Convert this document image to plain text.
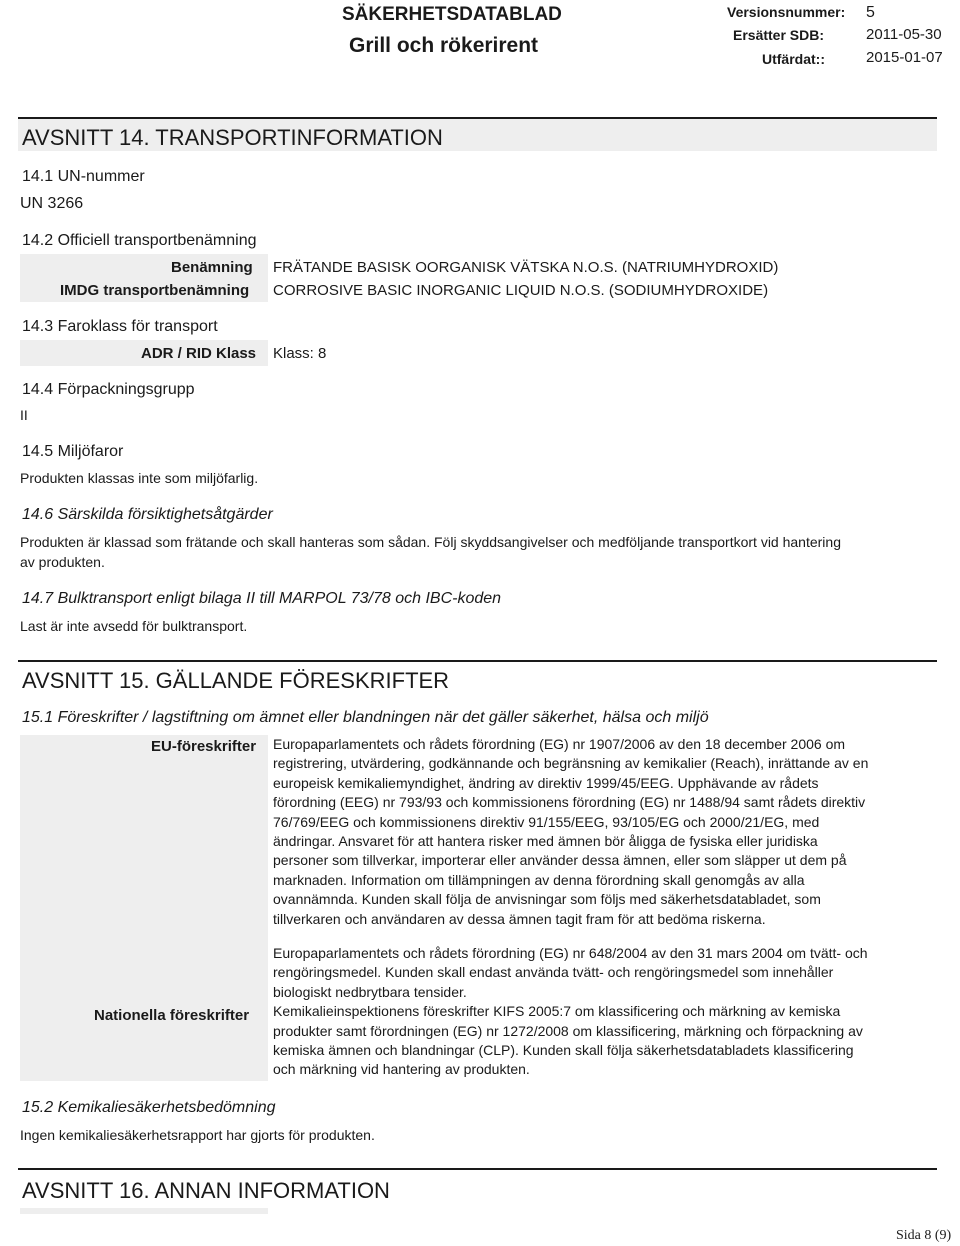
SÄKERHETSDATABLAD
Grill och rökerirent
Versionsnummer: 5
Ersätter SDB:	2011-05-30
Utfärdat::	2015-01-07
AVSNITT 14. TRANSPORTINFORMATION
14.1 UN-nummer
UN 3266
14.2 Officiell transportbenämning
Benämning FRÄTANDE BASISK OORGANISK VÄTSKA N.O.S. (NATRIUMHYDROXID)
IMDG transportbenämning CORROSIVE BASIC INORGANIC LIQUID N.O.S. (SODIUMHYDROXIDE)
14.3 Faroklass för transport
ADR / RID Klass Klass: 8
14.4 Förpackningsgrupp
II
14.5 Miljöfaror
Produkten klassas inte som miljöfarlig.
14.6 Särskilda försiktighetsåtgärder
Produkten är klassad som frätande och skall hanteras som sådan. Följ skyddsangivelser och medföljande transportkort vid hantering
av produkten.
14.7 Bulktransport enligt bilaga II till MARPOL 73/78 och IBC-koden
Last är inte avsedd för bulktransport.
AVSNITT 15. GÄLLANDE FÖRESKRIFTER
15.1 Föreskrifter / lagstiftning om ämnet eller blandningen när det gäller säkerhet, hälsa och miljö
EU-föreskrifter Europaparlamentets och rådets förordning (EG) nr 1907/2006 av den 18 december 2006 om

registrering, utvärdering, godkännande och begränsning av kemikalier (Reach), inrättande av en

europeisk kemikaliemyndighet, ändring av direktiv 1999/45/EEG. Upphävande av rådets

förordning (EEG) nr 793/93 och kommissionens förordning (EG) nr 1488/94 samt rådets direktiv

76/769/EEG och kommissionens direktiv 91/155/EEG, 93/105/EG och 2000/21/EG, med

ändringar. Ansvaret för att hantera risker med ämnen bör åligga de fysiska eller juridiska

personer som tillverkar, importerar eller använder dessa ämnen, eller som släpper ut dem på

marknaden. Information om tillämpningen av denna förordning skall genomgås av alla

ovannämnda. Kunden skall följa de anvisningar som följs med säkerhetsdatabladet, som

tillverkaren och användaren av dessa ämnen tagit fram för att bedöma riskerna.

Nationella föreskrifter

Europaparlamentets och rådets förordning (EG) nr 648/2004 av den 31 mars 2004 om tvätt- och

rengöringsmedel. Kunden skall endast använda tvätt- och rengöringsmedel som innehåller

biologiskt nedbrytbara tensider.

Kemikalieinspektionens föreskrifter KIFS 2005:7 om klassificering och märkning av kemiska

produkter samt förordningen (EG) nr 1272/2008 om klassificering, märkning och förpackning av

kemiska ämnen och blandningar (CLP). Kunden skall följa säkerhetsdatabladets klassificering

och märkning vid hantering av produkten.

15.2 Kemikaliesäkerhetsbedömning
Ingen kemikaliesäkerhetsrapport har gjorts för produkten.
AVSNITT 16. ANNAN INFORMATION
Sida 8 (9)
